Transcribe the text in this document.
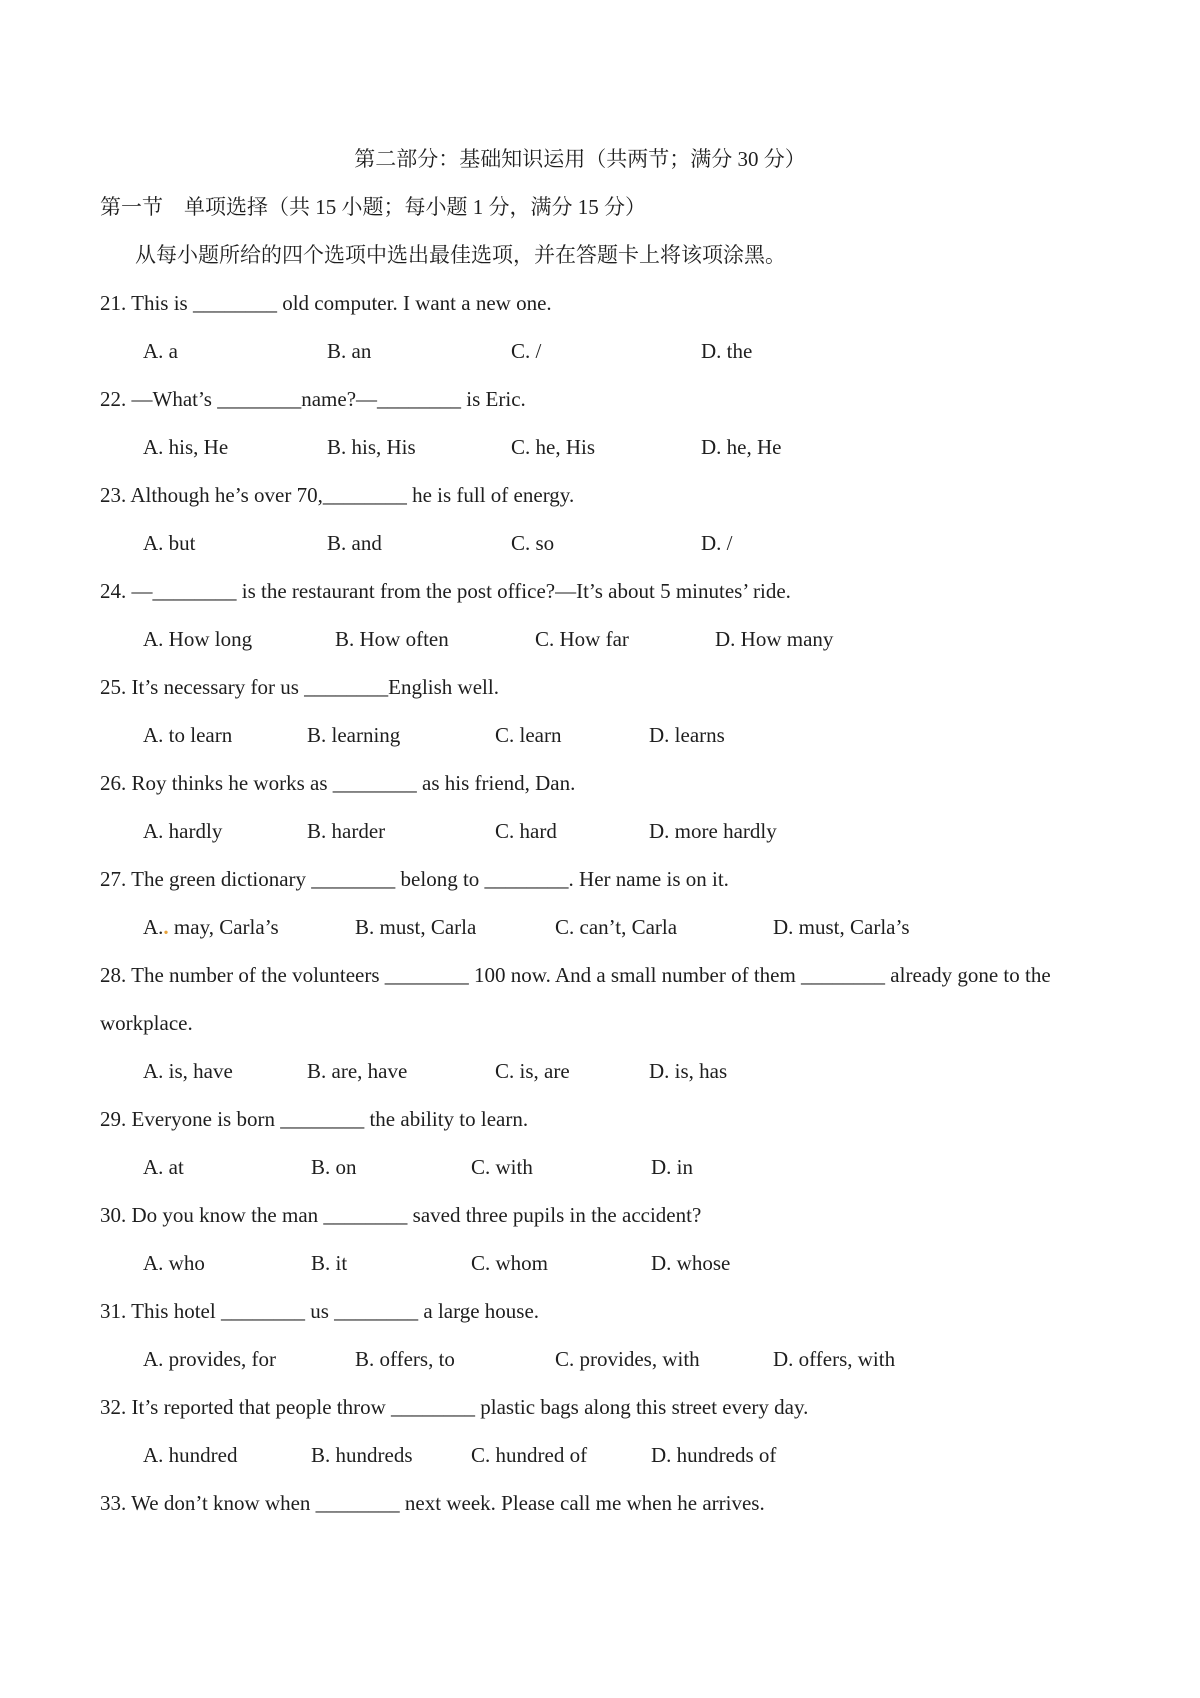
第二部分：基础知识运用（共两节；满分 30 分）
第一节　单项选择（共 15 小题；每小题 1 分，满分 15 分）
从每小题所给的四个选项中选出最佳选项，并在答题卡上将该项涂黑。
21. This is ________ old computer. I want a new one.
A. a	B. an	C. /	D. the
22. —What’s ________name?—________ is Eric.
A. his, He	B. his, His	C. he, His	D. he, He
23. Although he’s over 70,________ he is full of energy.
A. but	B. and	C. so	D. /
24. —________ is the restaurant from the post office?—It’s about 5 minutes’ ride.
A. How long	B. How often	C. How far	D. How many
25. It’s necessary for us ________English well.
A. to learn	B. learning	C. learn	D. learns
26. Roy thinks he works as ________ as his friend, Dan.
A. hardly	B. harder	C. hard	D. more hardly
27. The green dictionary ________ belong to ________. Her name is on it.
A.. may, Carla’s	B. must, Carla	C. can’t, Carla	D. must, Carla’s
28. The number of the volunteers ________ 100 now. And a small number of them ________ already gone to the workplace.
A. is, have	B. are, have	C. is, are	D. is, has
29. Everyone is born ________ the ability to learn.
A. at	B. on	C. with	D. in
30. Do you know the man ________ saved three pupils in the accident?
A. who	B. it	C. whom	D. whose
31. This hotel ________ us ________ a large house.
A. provides, for	B. offers, to	C. provides, with	D. offers, with
32. It’s reported that people throw ________ plastic bags along this street every day.
A. hundred	B. hundreds	C. hundred of	D. hundreds of
33. We don’t know when ________ next week. Please call me when he arrives.
